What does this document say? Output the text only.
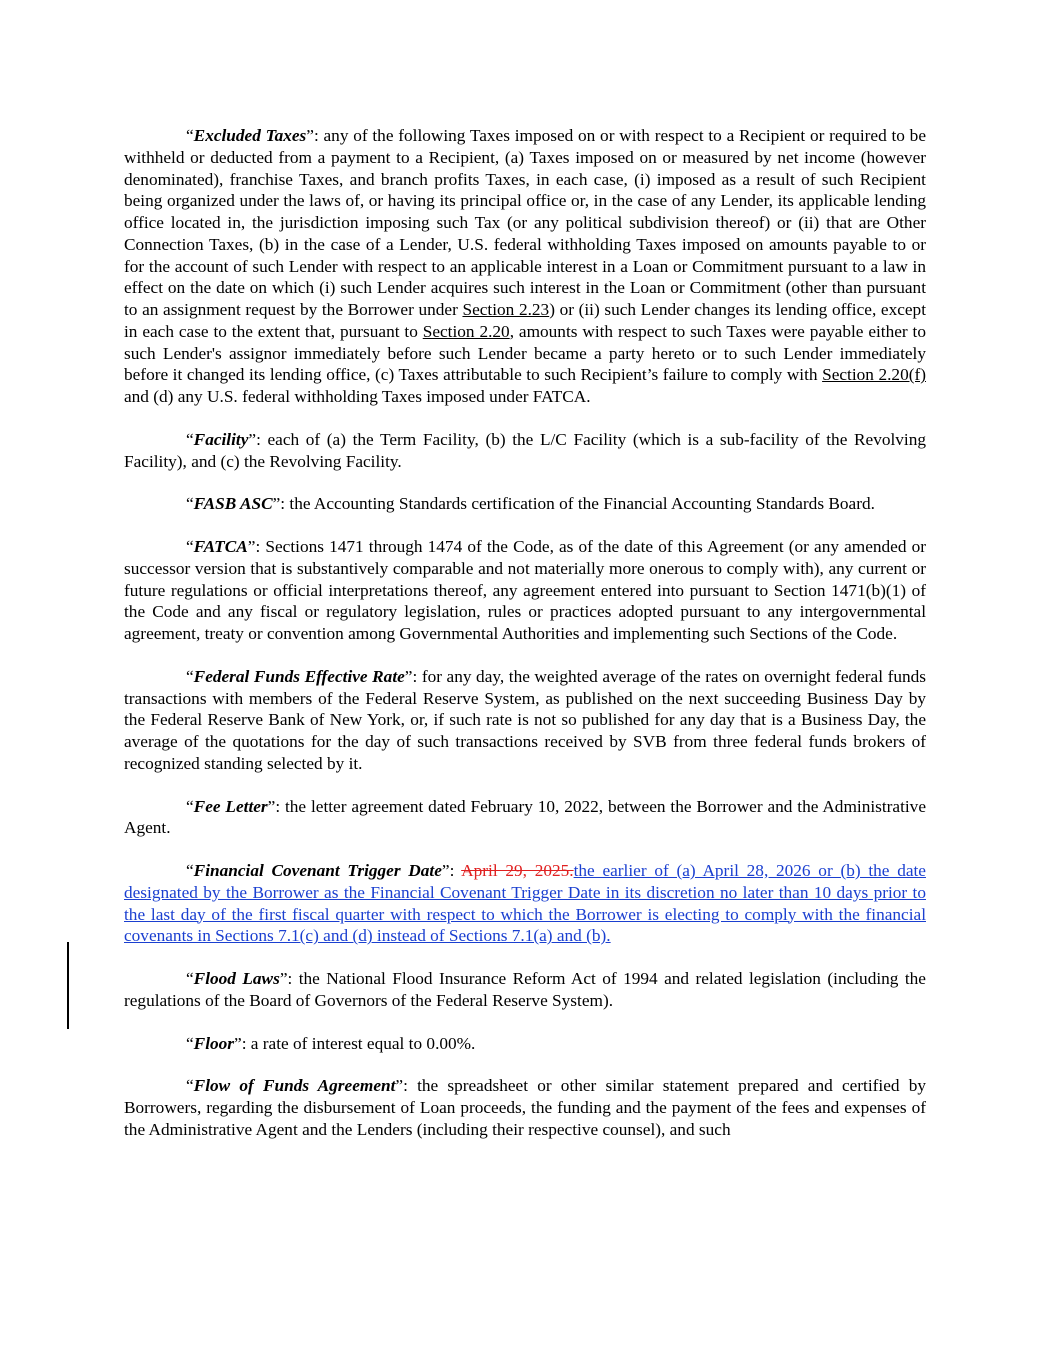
“Excluded Taxes”: any of the following Taxes imposed on or with respect to a Recipient or required to be withheld or deducted from a payment to a Recipient, (a) Taxes imposed on or measured by net income (however denominated), franchise Taxes, and branch profits Taxes, in each case, (i) imposed as a result of such Recipient being organized under the laws of, or having its principal office or, in the case of any Lender, its applicable lending office located in, the jurisdiction imposing such Tax (or any political subdivision thereof) or (ii) that are Other Connection Taxes, (b) in the case of a Lender, U.S. federal withholding Taxes imposed on amounts payable to or for the account of such Lender with respect to an applicable interest in a Loan or Commitment pursuant to a law in effect on the date on which (i) such Lender acquires such interest in the Loan or Commitment (other than pursuant to an assignment request by the Borrower under Section 2.23) or (ii) such Lender changes its lending office, except in each case to the extent that, pursuant to Section 2.20, amounts with respect to such Taxes were payable either to such Lender's assignor immediately before such Lender became a party hereto or to such Lender immediately before it changed its lending office, (c) Taxes attributable to such Recipient’s failure to comply with Section 2.20(f) and (d) any U.S. federal withholding Taxes imposed under FATCA.

“Facility”: each of (a) the Term Facility, (b) the L/C Facility (which is a sub-facility of the Revolving Facility), and (c) the Revolving Facility.

“FASB ASC”: the Accounting Standards certification of the Financial Accounting Standards Board.

“FATCA”: Sections 1471 through 1474 of the Code, as of the date of this Agreement (or any amended or successor version that is substantively comparable and not materially more onerous to comply with), any current or future regulations or official interpretations thereof, any agreement entered into pursuant to Section 1471(b)(1) of the Code and any fiscal or regulatory legislation, rules or practices adopted pursuant to any intergovernmental agreement, treaty or convention among Governmental Authorities and implementing such Sections of the Code.

“Federal Funds Effective Rate”: for any day, the weighted average of the rates on overnight federal funds transactions with members of the Federal Reserve System, as published on the next succeeding Business Day by the Federal Reserve Bank of New York, or, if such rate is not so published for any day that is a Business Day, the average of the quotations for the day of such transactions received by SVB from three federal funds brokers of recognized standing selected by it.

“Fee Letter”: the letter agreement dated February 10, 2022, between the Borrower and the Administrative Agent.

“Financial Covenant Trigger Date”: April 29, 2025.the earlier of (a) April 28, 2026 or (b) the date designated by the Borrower as the Financial Covenant Trigger Date in its discretion no later than 10 days prior to the last day of the first fiscal quarter with respect to which the Borrower is electing to comply with the financial covenants in Sections 7.1(c) and (d) instead of Sections 7.1(a) and (b).

“Flood Laws”: the National Flood Insurance Reform Act of 1994 and related legislation (including the regulations of the Board of Governors of the Federal Reserve System).

“Floor”: a rate of interest equal to 0.00%.

“Flow of Funds Agreement”: the spreadsheet or other similar statement prepared and certified by Borrowers, regarding the disbursement of Loan proceeds, the funding and the payment of the fees and expenses of the Administrative Agent and the Lenders (including their respective counsel), and such
